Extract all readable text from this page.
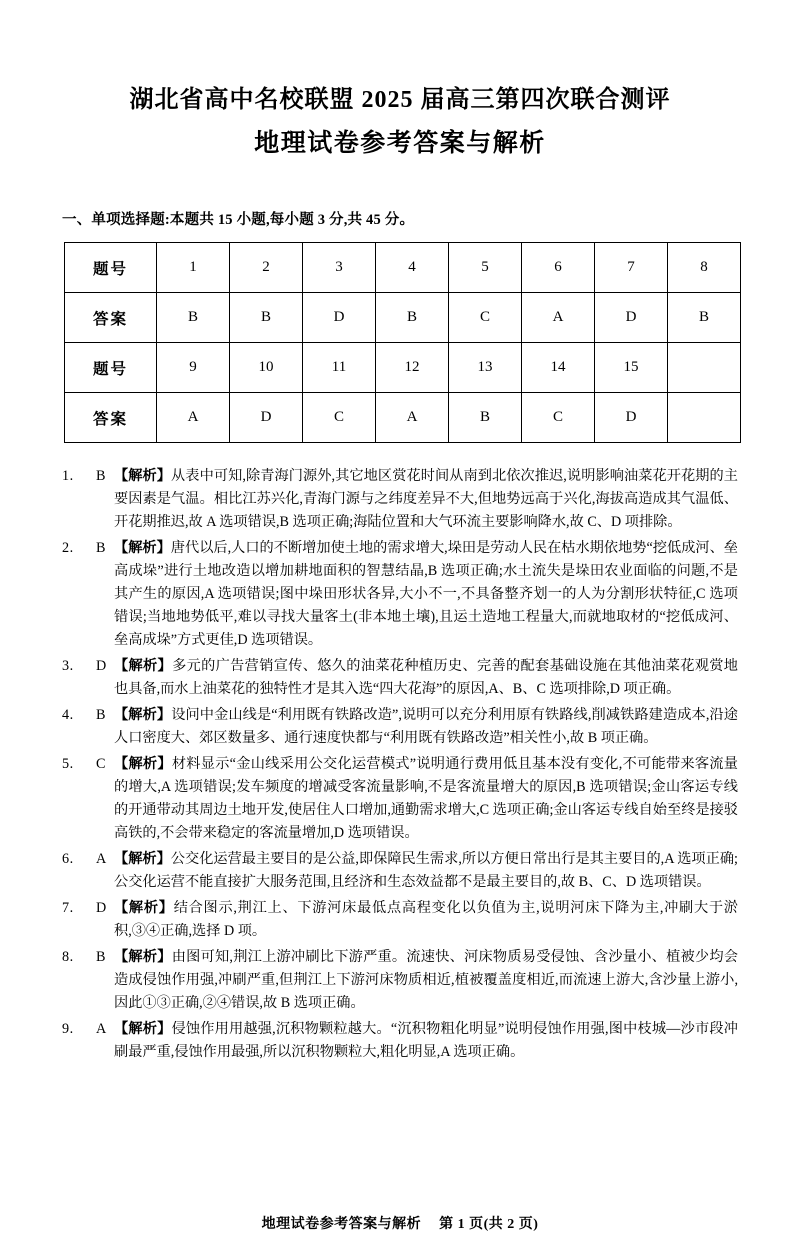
湖北省高中名校联盟 2025 届高三第四次联合测评
地理试卷参考答案与解析
一、单项选择题:本题共 15 小题,每小题 3 分,共 45 分。
题号	1	2	3	4	5	6	7	8
答案	B	B	D	B	C	A	D	B
题号	9	10	11	12	13	14	15	
答案	A	D	C	A	B	C	D	
1.	B 【解析】从表中可知,除青海门源外,其它地区赏花时间从南到北依次推迟,说明影响油菜花开花期的主要因素是气温。相比江苏兴化,青海门源与之纬度差异不大,但地势远高于兴化,海拔高造成其气温低、开花期推迟,故 A 选项错误,B 选项正确;海陆位置和大气环流主要影响降水,故 C、D 项排除。
2.	B 【解析】唐代以后,人口的不断增加使土地的需求增大,垛田是劳动人民在枯水期依地势“挖低成河、垒高成垛”进行土地改造以增加耕地面积的智慧结晶,B 选项正确;水土流失是垛田农业面临的问题,不是其产生的原因,A 选项错误;图中垛田形状各异,大小不一,不具备整齐划一的人为分割形状特征,C 选项错误;当地地势低平,难以寻找大量客土(非本地土壤),且运土造地工程量大,而就地取材的“挖低成河、垒高成垛”方式更佳,D 选项错误。
3.	D 【解析】多元的广告营销宣传、悠久的油菜花种植历史、完善的配套基础设施在其他油菜花观赏地也具备,而水上油菜花的独特性才是其入选“四大花海”的原因,A、B、C 选项排除,D 项正确。
4.	B 【解析】设问中金山线是“利用既有铁路改造”,说明可以充分利用原有铁路线,削减铁路建造成本,沿途人口密度大、郊区数量多、通行速度快都与“利用既有铁路改造”相关性小,故 B 项正确。
5.	C 【解析】材料显示“金山线采用公交化运营模式”说明通行费用低且基本没有变化,不可能带来客流量的增大,A 选项错误;发车频度的增减受客流量影响,不是客流量增大的原因,B 选项错误;金山客运专线的开通带动其周边土地开发,使居住人口增加,通勤需求增大,C 选项正确;金山客运专线自始至终是接驳高铁的,不会带来稳定的客流量增加,D 选项错误。
6.	A 【解析】公交化运营最主要目的是公益,即保障民生需求,所以方便日常出行是其主要目的,A 选项正确;公交化运营不能直接扩大服务范围,且经济和生态效益都不是最主要目的,故 B、C、D 选项错误。
7.	D 【解析】结合图示,荆江上、下游河床最低点高程变化以负值为主,说明河床下降为主,冲刷大于淤积,③④正确,选择 D 项。
8.	B 【解析】由图可知,荆江上游冲刷比下游严重。流速快、河床物质易受侵蚀、含沙量小、植被少均会造成侵蚀作用强,冲刷严重,但荆江上下游河床物质相近,植被覆盖度相近,而流速上游大,含沙量上游小,因此①③正确,②④错误,故 B 选项正确。
9.	A 【解析】侵蚀作用用越强,沉积物颗粒越大。“沉积物粗化明显”说明侵蚀作用强,图中枝城—沙市段冲刷最严重,侵蚀作用最强,所以沉积物颗粒大,粗化明显,A 选项正确。
地理试卷参考答案与解析 第 1 页(共 2 页)
